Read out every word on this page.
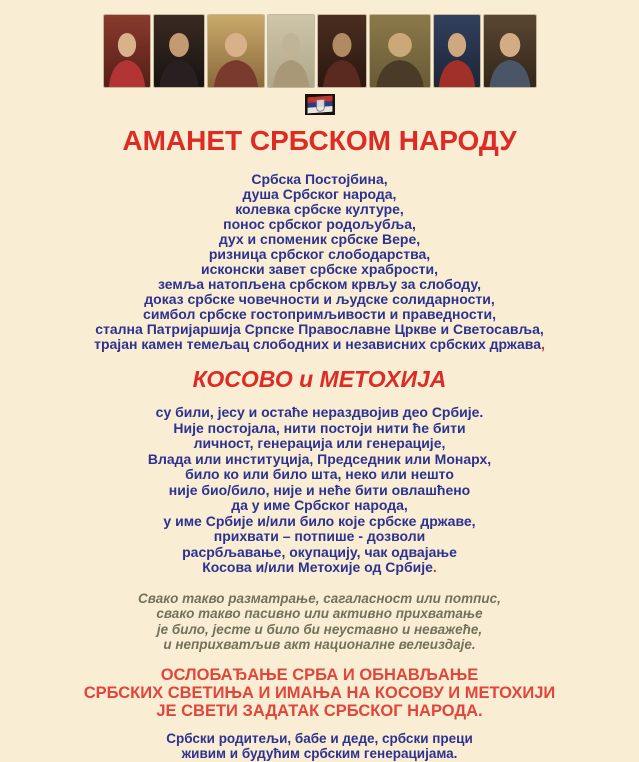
АМАНЕТ СРБСКОМ НАРОДУ
Србска Постојбина,
душа Србског народа,
колевка србске културе,
понос србског родољубља,
дух и споменик србске Вере,
ризница србског слободарства,
исконски завет србске храбрости,
земља натопљена србском крвљу за слободу,
доказ србске човечности и људске солидарности,
симбол србске гостопримљивости и праведности,
стална Патријаршија Српске Православне Цркве и Светосавља,
трајан камен темељац слободних и независних србских држава,
КОСОВО и МЕТОХИЈА
су били, јесу и остаће нераздвојив део Србије.
Није постојала, нити постоји нити ће бити
личност, генерација или генерације,
Влада или институција, Председник или Монарх,
било ко или било шта, неко или нешто
није био/било, није и неће бити овлашћено
да у име Србског народа,
у име Србије и/или било које србске државе,
прихвати – потпише - дозволи
расрбљавање, окупацију, чак одвајање
Косова и/или Метохије од Србије.
Свако такво разматрање, сагаласност или потпис,
свако такво пасивно или активно прихватање
је било, јесте и било би неуставно и неважеће,
и неприхватљив акт националне велеиздаје.
ОСЛОБАЂАЊЕ СРБА И ОБНАВЉАЊЕ
СРБСКИХ СВЕТИЊА И ИМАЊА НА КОСОВУ И МЕТОХИЈИ
ЈЕ СВЕТИ ЗАДАТАК СРБСКОГ НАРОДА.
Србски родитељи, бабе и деде, србски преци
живим и будућим србским генерацијама.
